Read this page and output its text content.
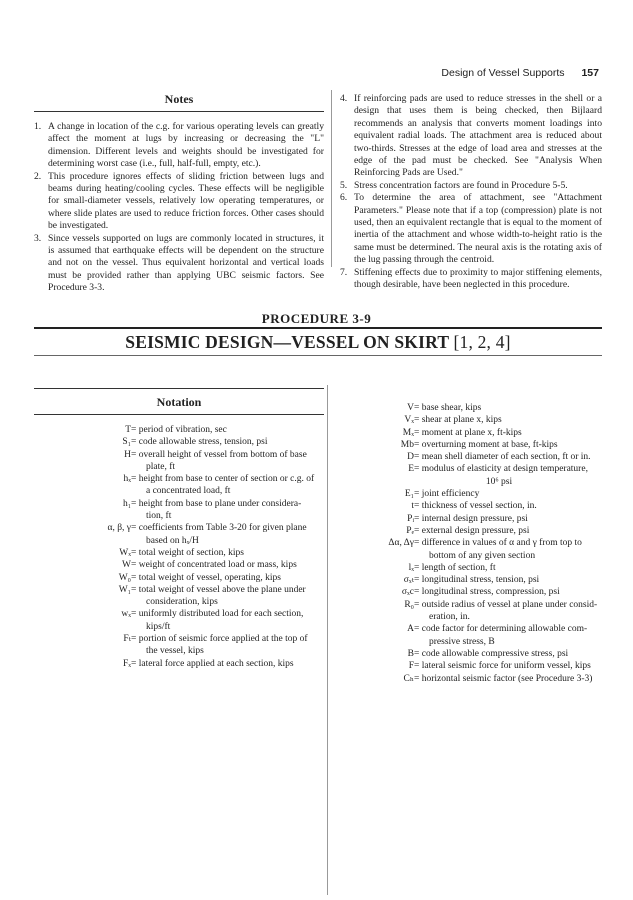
Design of Vessel Supports 157
Notes
1. A change in location of the c.g. for various operating levels can greatly affect the moment at lugs by increasing or decreasing the "L" dimension. Different levels and weights should be investigated for determining worst case (i.e., full, half-full, empty, etc.).
2. This procedure ignores effects of sliding friction between lugs and beams during heating/cooling cycles. These effects will be negligible for small-diameter vessels, relatively low operating temperatures, or where slide plates are used to reduce friction forces. Other cases should be investigated.
3. Since vessels supported on lugs are commonly located in structures, it is assumed that earthquake effects will be dependent on the structure and not on the vessel. Thus equivalent horizontal and vertical loads must be provided rather than applying UBC seismic factors. See Procedure 3-3.
4. If reinforcing pads are used to reduce stresses in the shell or a design that uses them is being checked, then Bijlaard recommends an analysis that converts moment loadings into equivalent radial loads. The attachment area is reduced about two-thirds. Stresses at the edge of load area and stresses at the edge of the pad must be checked. See "Analysis When Reinforcing Pads are Used."
5. Stress concentration factors are found in Procedure 5-5.
6. To determine the area of attachment, see "Attachment Parameters." Please note that if a top (compression) plate is not used, then an equivalent rectangle that is equal to the moment of inertia of the attachment and whose width-to-height ratio is the same must be determined. The neural axis is the rotating axis of the lug passing through the centroid.
7. Stiffening effects due to proximity to major stiffening elements, though desirable, have been neglected in this procedure.
PROCEDURE 3-9
SEISMIC DESIGN—VESSEL ON SKIRT [1, 2, 4]
Notation
T = period of vibration, sec
S₁ = code allowable stress, tension, psi
H = overall height of vessel from bottom of base
plate, ft
hₓ = height from base to center of section or c.g. of
a concentrated load, ft
h₁ = height from base to plane under considera-
tion, ft
α, β, γ = coefficients from Table 3-20 for given plane
based on hₓ/H
Wₓ = total weight of section, kips
W = weight of concentrated load or mass, kips
W₀ = total weight of vessel, operating, kips
W₁ = total weight of vessel above the plane under
consideration, kips
wₓ = uniformly distributed load for each section,
kips/ft
Fₜ = portion of seismic force applied at the top of
the vessel, kips
Fₓ = lateral force applied at each section, kips
V = base shear, kips
Vₓ = shear at plane x, kips
Mₓ = moment at plane x, ft-kips
Mb = overturning moment at base, ft-kips
D = mean shell diameter of each section, ft or in.
E = modulus of elasticity at design temperature,
10⁶ psi
E₁ = joint efficiency
t = thickness of vessel section, in.
Pᵢ = internal design pressure, psi
Pₑ = external design pressure, psi
Δα, Δγ = difference in values of α and γ from top to
bottom of any given section
lₓ = length of section, ft
σₓₜ = longitudinal stress, tension, psi
σₓc = longitudinal stress, compression, psi
R₀ = outside radius of vessel at plane under consid-
eration, in.
A = code factor for determining allowable com-
pressive stress, B
B = code allowable compressive stress, psi
F = lateral seismic force for uniform vessel, kips
Cₕ = horizontal seismic factor (see Procedure 3-3)
